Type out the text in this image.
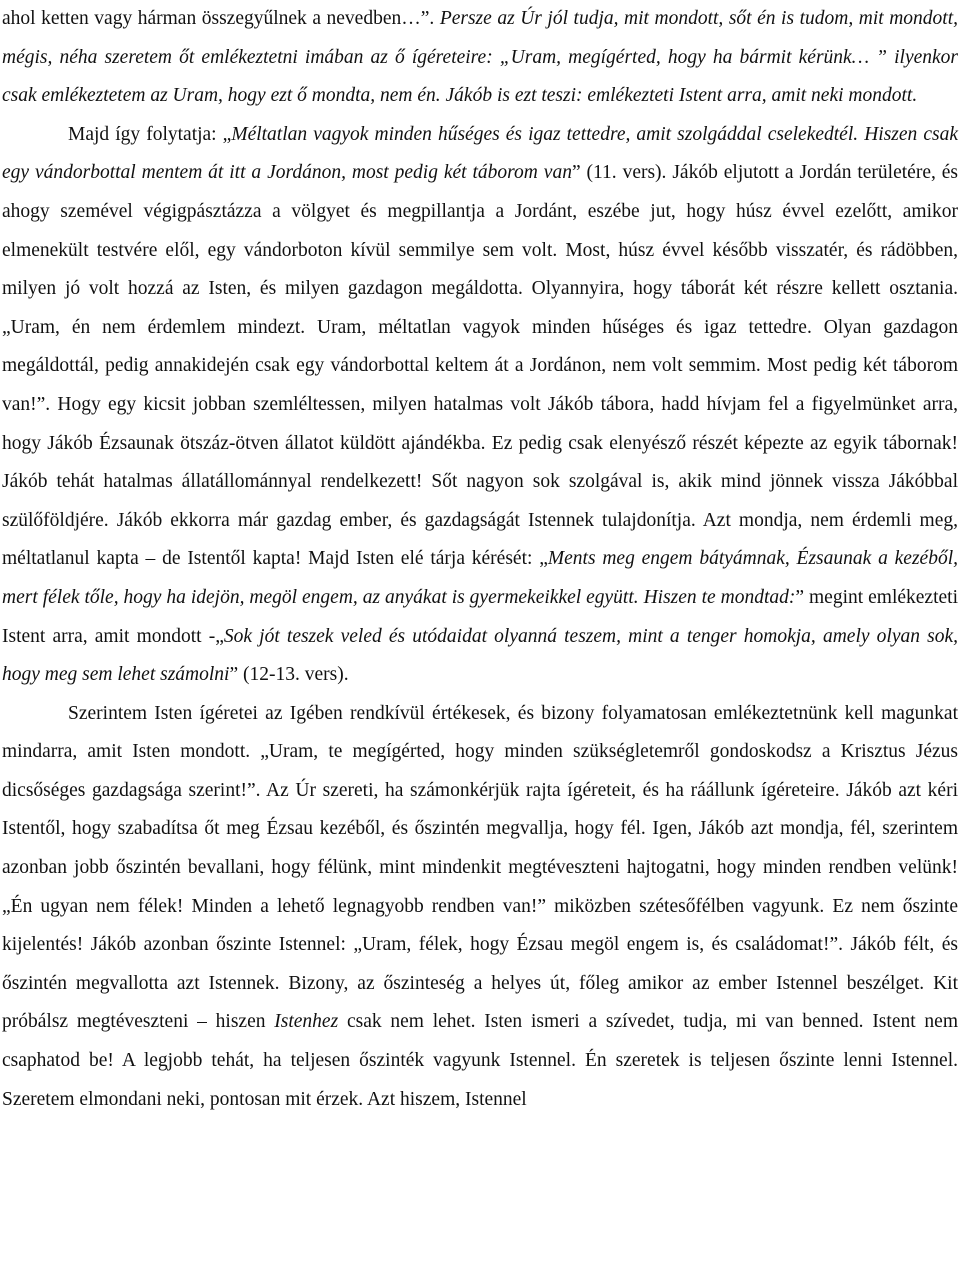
ahol ketten vagy hárman összegyűlnek a nevedben…”. Persze az Úr jól tudja, mit mondott, sőt én is tudom, mit mondott, mégis, néha szeretem őt emlékeztetni imában az ő ígéreteire: „Uram, megígérted, hogy ha bármit kérünk… ” ilyenkor csak emlékeztetem az Uram, hogy ezt ő mondta, nem én. Jákób is ezt teszi: emlékezteti Istent arra, amit neki mondott.

Majd így folytatja: „Méltatlan vagyok minden hűséges és igaz tettedre, amit szolgáddal cselekedtél. Hiszen csak egy vándorbottal mentem át itt a Jordánon, most pedig két táborom van” (11. vers). Jákób eljutott a Jordán területére, és ahogy szemével végigpásztázza a völgyet és megpillantja a Jordánt, eszébe jut, hogy húsz évvel ezelőtt, amikor elmenekült testvére elől, egy vándorboton kívül semmilye sem volt. Most, húsz évvel később visszatér, és rádöbben, milyen jó volt hozzá az Isten, és milyen gazdagon megáldotta. Olyannyira, hogy táborát két részre kellett osztania. „Uram, én nem érdemlem mindezt. Uram, méltatlan vagyok minden hűséges és igaz tettedre. Olyan gazdagon megáldottál, pedig annakidején csak egy vándorbottal keltem át a Jordánon, nem volt semmim. Most pedig két táborom van!”. Hogy egy kicsit jobban szemléltessen, milyen hatalmas volt Jákób tábora, hadd hívjam fel a figyelmünket arra, hogy Jákób Ézsaunak ötszáz-ötven állatot küldött ajándékba. Ez pedig csak elenyésző részét képezte az egyik tábornak! Jákób tehát hatalmas állatállománnyal rendelkezett! Sőt nagyon sok szolgával is, akik mind jönnek vissza Jákóbbal szülőföldjére. Jákób ekkorra már gazdag ember, és gazdagságát Istennek tulajdonítja. Azt mondja, nem érdemli meg, méltatlanul kapta – de Istentől kapta! Majd Isten elé tárja kérését: „Ments meg engem bátyámnak, Ézsaunak a kezéből, mert félek tőle, hogy ha idejön, megöl engem, az anyákat is gyermekeikkel együtt. Hiszen te mondtad:” megint emlékezteti Istent arra, amit mondott -„Sok jót teszek veled és utódaidat olyanná teszem, mint a tenger homokja, amely olyan sok, hogy meg sem lehet számolni” (12-13. vers).

Szerintem Isten ígéretei az Igében rendkívül értékesek, és bizony folyamatosan emlékeztetnünk kell magunkat mindarra, amit Isten mondott. „Uram, te megígérted, hogy minden szükségletemről gondoskodsz a Krisztus Jézus dicsőséges gazdagsága szerint!”. Az Úr szereti, ha számonkérjük rajta ígéreteit, és ha ráállunk ígéreteire. Jákób azt kéri Istentől, hogy szabadítsa őt meg Ézsau kezéből, és őszintén megvallja, hogy fél. Igen, Jákób azt mondja, fél, szerintem azonban jobb őszintén bevallani, hogy félünk, mint mindenkit megtéveszteni hajtogatni, hogy minden rendben velünk! „Én ugyan nem félek! Minden a lehető legnagyobb rendben van!” miközben szétesőfélben vagyunk. Ez nem őszinte kijelentés! Jákób azonban őszinte Istennel: „Uram, félek, hogy Ézsau megöl engem is, és családomat!”. Jákób félt, és őszintén megvallotta azt Istennek. Bizony, az őszinteség a helyes út, főleg amikor az ember Istennel beszélget. Kit próbálsz megtéveszteni – hiszen Istenhez csak nem lehet. Isten ismeri a szívedet, tudja, mi van benned. Istent nem csaphatod be! A legjobb tehát, ha teljesen őszinték vagyunk Istennel. Én szeretek is teljesen őszinte lenni Istennel. Szeretem elmondani neki, pontosan mit érzek. Azt hiszem, Istennel
